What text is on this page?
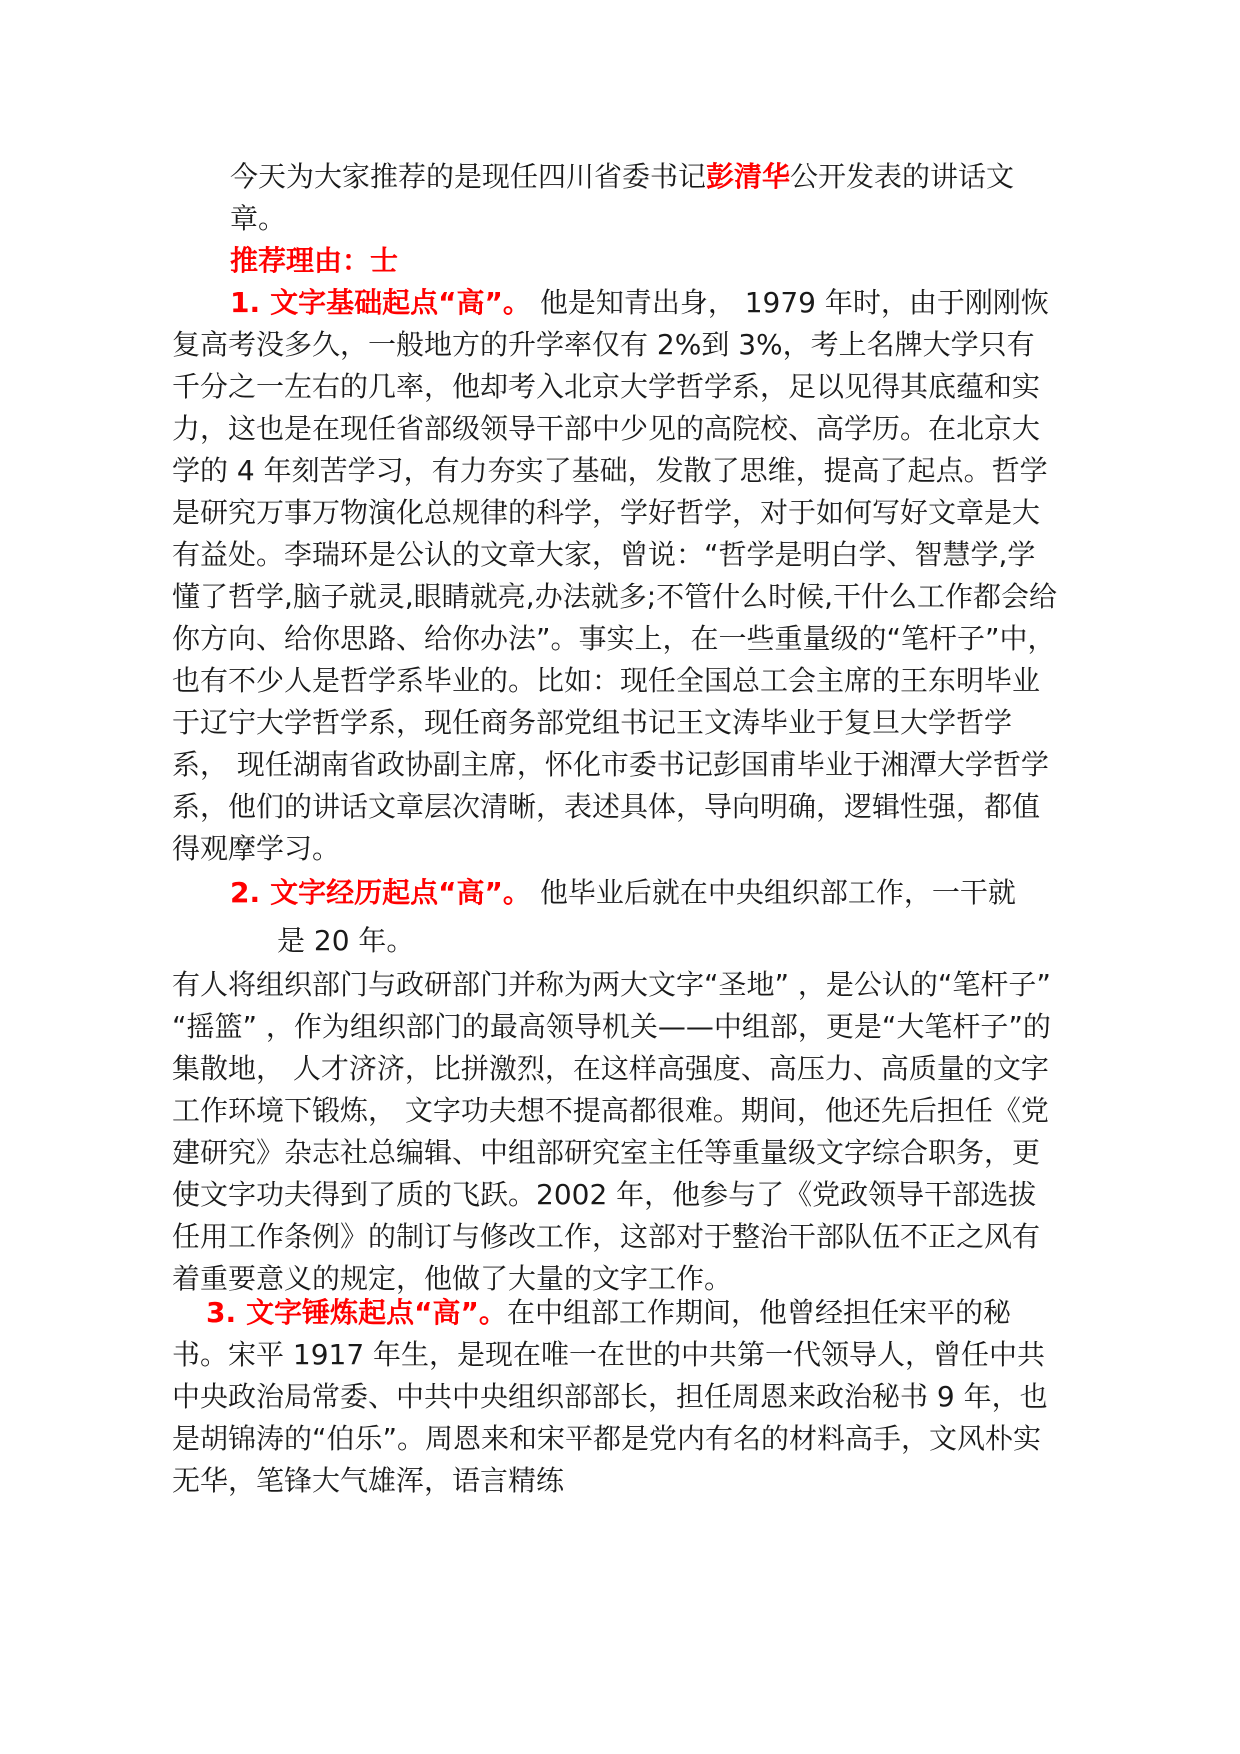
今天为大家推荐的是现任四川省委书记彭清华公开发表的讲话文章。

推荐理由：士

1. 文字基础起点“高”。 他是知青出身， 1979 年时，由于刚刚恢复高考没多久，一般地方的升学率仅有 2%到 3%，考上名牌大学只有千分之一左右的几率，他却考入北京大学哲学系，足以见得其底蕴和实力，这也是在现任省部级领导干部中少见的高院校、高学历。在北京大学的 4 年刻苦学习，有力夯实了基础，发散了思维，提高了起点。哲学是研究万事万物演化总规律的科学，学好哲学，对于如何写好文章是大有益处。李瑞环是公认的文章大家，曾说：“哲学是明白学、智慧学,学懂了哲学,脑子就灵,眼睛就亮,办法就多;不管什么时候,干什么工作都会给你方向、给你思路、给你办法”。事实上，在一些重量级的“笔杆子”中，也有不少人是哲学系毕业的。比如：现任全国总工会主席的王东明毕业于辽宁大学哲学系，现任商务部党组书记王文涛毕业于复旦大学哲学系， 现任湖南省政协副主席，怀化市委书记彭国甫毕业于湘潭大学哲学系，他们的讲话文章层次清晰，表述具体，导向明确，逻辑性强，都值得观摩学习。

2. 文字经历起点“高”。 他毕业后就在中央组织部工作，一干就

是 20 年。

有人将组织部门与政研部门并称为两大文字“圣地” ，是公认的“笔杆子” “摇篮” ，作为组织部门的最高领导机关——中组部，更是“大笔杆子”的集散地， 人才济济，比拼激烈，在这样高强度、高压力、高质量的文字工作环境下锻炼， 文字功夫想不提高都很难。期间，他还先后担任《党建研究》杂志社总编辑、中组部研究室主任等重量级文字综合职务，更使文字功夫得到了质的飞跃。2002 年，他参与了《党政领导干部选拔任用工作条例》的制订与修改工作，这部对于整治干部队伍不正之风有着重要意义的规定，他做了大量的文字工作。

3. 文字锤炼起点“高”。在中组部工作期间，他曾经担任宋平的秘书。宋平 1917 年生，是现在唯一在世的中共第一代领导人，曾任中共中央政治局常委、中共中央组织部部长，担任周恩来政治秘书 9 年，也是胡锦涛的“伯乐”。周恩来和宋平都是党内有名的材料高手，文风朴实无华，笔锋大气雄浑，语言精练
